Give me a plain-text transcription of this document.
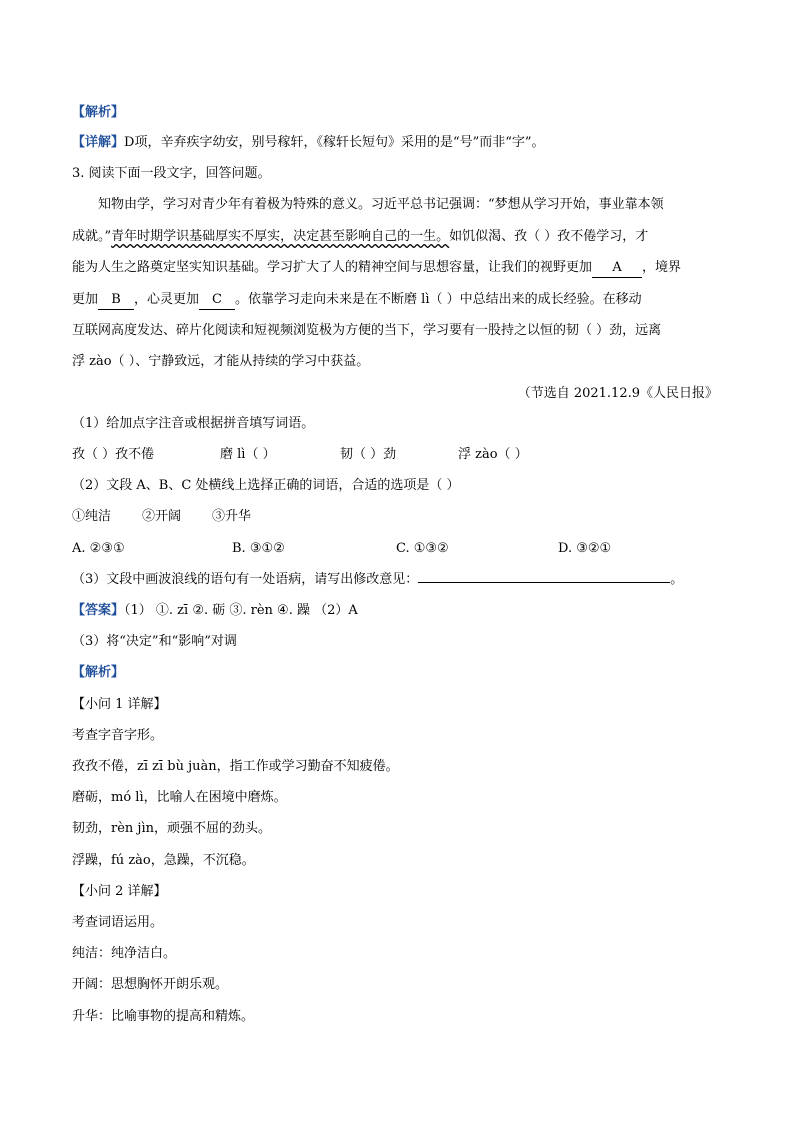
【解析】
【详解】D项，辛弃疾字幼安，别号稼轩，《稼轩长短句》采用的是“号”而非“字”。
3. 阅读下面一段文字，回答问题。
知物由学，学习对青少年有着极为特殊的意义。习近平总书记强调：“梦想从学习开始，事业靠本领
成就。”青年时期学识基础厚实不厚实，决定甚至影响自己的一生。如饥似渴、孜（ ）孜不倦学习，才
能为人生之路奠定坚实知识基础。学习扩大了人的精神空间与思想容量，让我们的视野更加 A ，境界
更加 B ，心灵更加 C 。依靠学习走向未来是在不断磨 lì（ ）中总结出来的成长经验。在移动
互联网高度发达、碎片化阅读和短视频浏览极为方便的当下，学习要有一股持之以恒的韧（ ）劲，远离
浮 zào（ ）、宁静致远，才能从持续的学习中获益。
（节选自 2021.12.9《人民日报》
（1）给加点字注音或根据拼音填写词语。
孜（ ）孜不倦	磨 lì（ ）	韧（ ）劲	浮 zào（ ）
（2）文段 A、B、C 处横线上选择正确的词语，合适的选项是（ ）
①纯洁 ②开阔 ③升华
A. ②③①	B. ③①②	C. ①③②	D. ③②①
（3）文段中画波浪线的语句有一处语病，请写出修改意见：	。
【答案】（1） ①. zī ②. 砺 ③. rèn ④. 躁 （2）A
（3）将“决定”和“影响”对调
【解析】
【小问 1 详解】
考查字音字形。
孜孜不倦，zī zī bù juàn，指工作或学习勤奋不知疲倦。
磨砺，mó lì，比喻人在困境中磨炼。
韧劲，rèn jìn，顽强不屈的劲头。
浮躁，fú zào，急躁，不沉稳。
【小问 2 详解】
考查词语运用。
纯洁：纯净洁白。
开阔：思想胸怀开朗乐观。
升华：比喻事物的提高和精炼。
